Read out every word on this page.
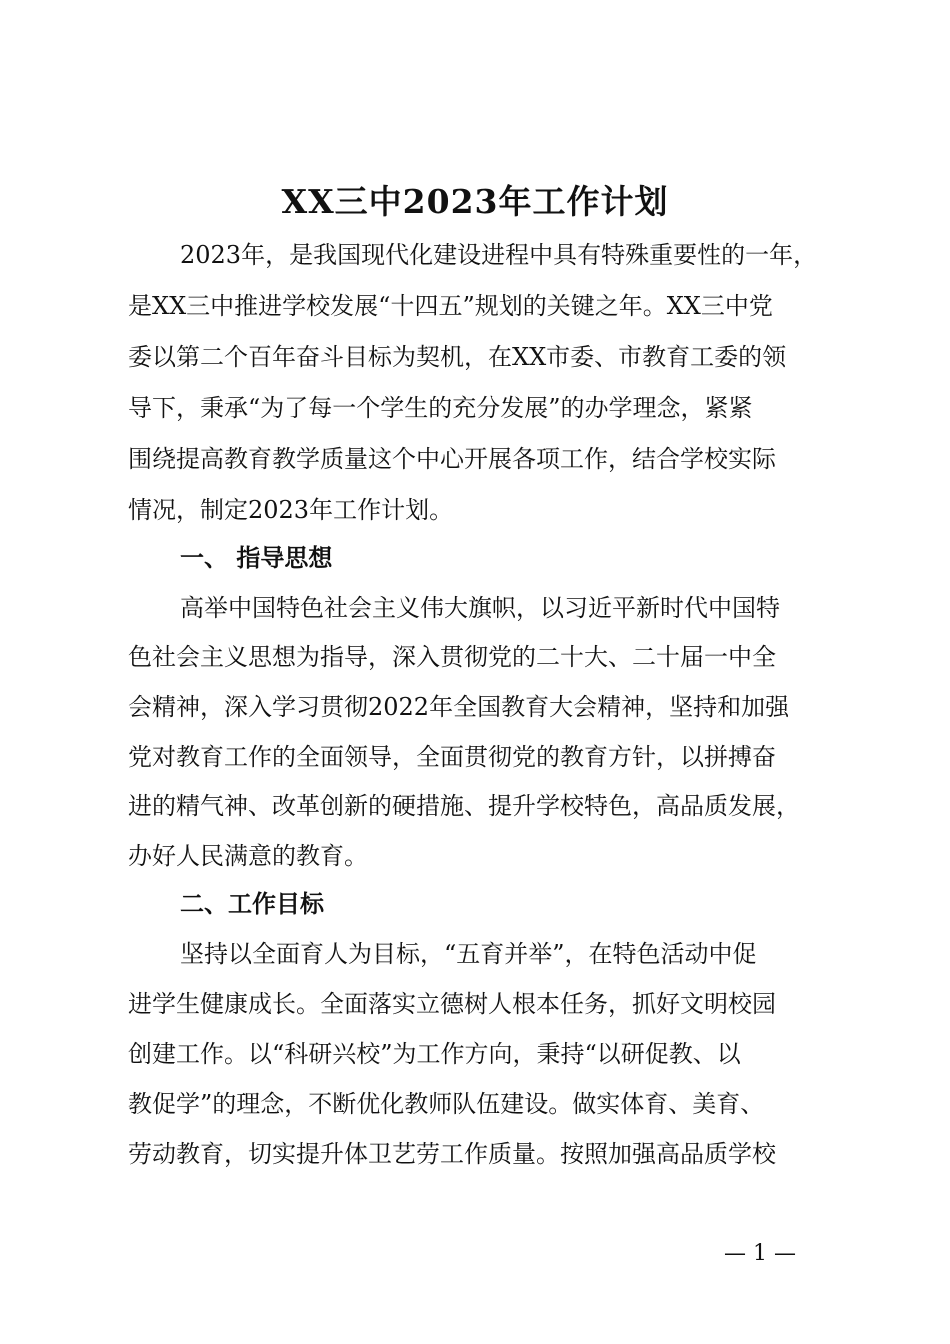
XX三中2023年工作计划
2023年，是我国现代化建设进程中具有特殊重要性的一年，
是XX三中推进学校发展“十四五”规划的关键之年。XX三中党
委以第二个百年奋斗目标为契机，在XX市委、市教育工委的领
导下，秉承“为了每一个学生的充分发展”的办学理念，紧紧
围绕提高教育教学质量这个中心开展各项工作，结合学校实际
情况，制定2023年工作计划。
一、 指导思想
高举中国特色社会主义伟大旗帜，以习近平新时代中国特
色社会主义思想为指导，深入贯彻党的二十大、二十届一中全
会精神，深入学习贯彻2022年全国教育大会精神，坚持和加强
党对教育工作的全面领导，全面贯彻党的教育方针，以拼搏奋
进的精气神、改革创新的硬措施、提升学校特色，高品质发展，
办好人民满意的教育。
二、工作目标
坚持以全面育人为目标，“五育并举”，在特色活动中促
进学生健康成长。全面落实立德树人根本任务，抓好文明校园
创建工作。以“科研兴校”为工作方向，秉持“以研促教、以
教促学”的理念，不断优化教师队伍建设。做实体育、美育、
劳动教育，切实提升体卫艺劳工作质量。按照加强高品质学校
— 1 —
